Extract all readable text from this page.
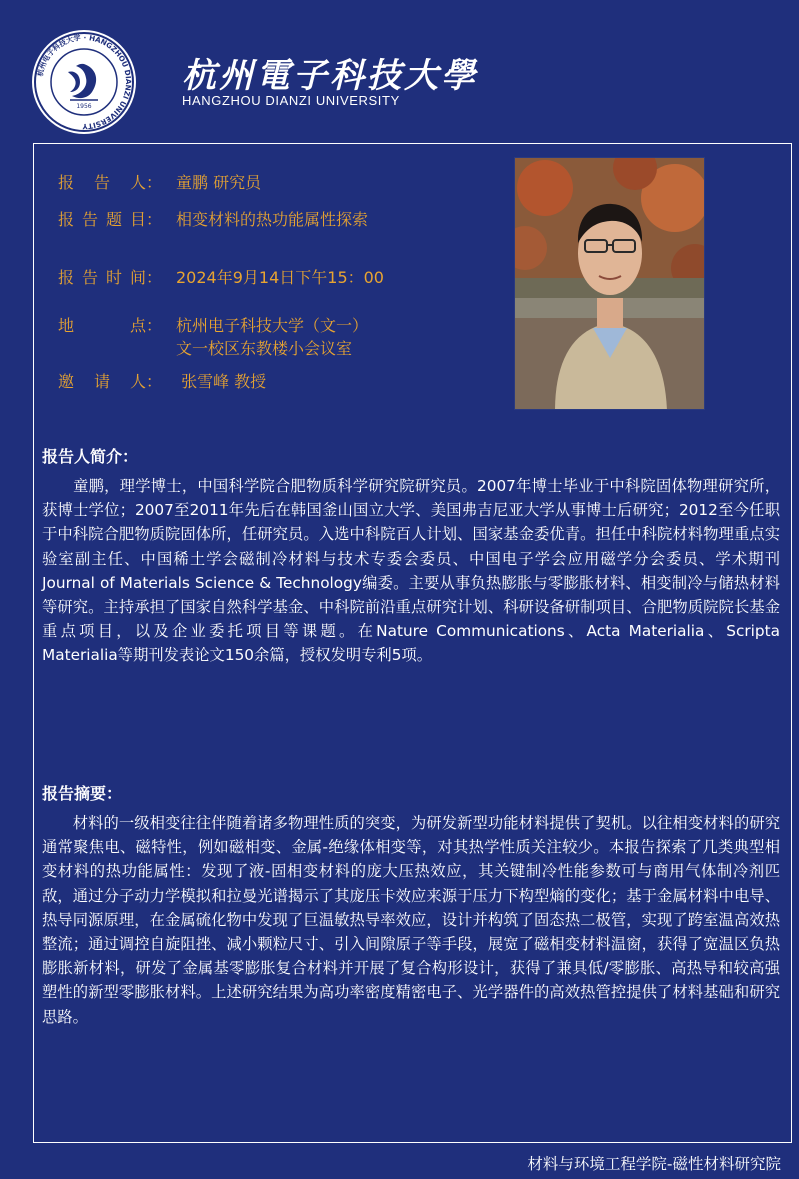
1956
杭州电子科技大学 · HANGZHOU DIANZI UNIVERSITY
杭州電子科技大學
HANGZHOU DIANZI UNIVERSITY
报 告 人： 童鹏 研究员
报 告 题 目： 相变材料的热功能属性探索
报 告 时 间： 2024年9月14日下午15：00
地	点： 杭州电子科技大学（文一）
文一校区东教楼小会议室
邀 请 人： 张雪峰 教授
报告人简介：
　　童鹏，理学博士，中国科学院合肥物质科学研究院研究员。2007年博士毕业于中科院固体物理研究所，获博士学位；2007至2011年先后在韩国釜山国立大学、美国弗吉尼亚大学从事博士后研究；2012至今任职于中科院合肥物质院固体所，任研究员。入选中科院百人计划、国家基金委优青。担任中科院材料物理重点实验室副主任、中国稀土学会磁制冷材料与技术专委会委员、中国电子学会应用磁学分会委员、学术期刊Journal of Materials Science & Technology编委。主要从事负热膨胀与零膨胀材料、相变制冷与储热材料等研究。主持承担了国家自然科学基金、中科院前沿重点研究计划、科研设备研制项目、合肥物质院院长基金重点项目，以及企业委托项目等课题。在Nature Communications、Acta Materialia、Scripta Materialia等期刊发表论文150余篇，授权发明专利5项。
报告摘要：
　　材料的一级相变往往伴随着诸多物理性质的突变，为研发新型功能材料提供了契机。以往相变材料的研究通常聚焦电、磁特性，例如磁相变、金属-绝缘体相变等，对其热学性质关注较少。本报告探索了几类典型相变材料的热功能属性：发现了液-固相变材料的庞大压热效应，其关键制冷性能参数可与商用气体制冷剂匹敌，通过分子动力学模拟和拉曼光谱揭示了其庞压卡效应来源于压力下构型熵的变化；基于金属材料中电导、热导同源原理，在金属硫化物中发现了巨温敏热导率效应，设计并构筑了固态热二极管，实现了跨室温高效热整流；通过调控自旋阻挫、减小颗粒尺寸、引入间隙原子等手段，展宽了磁相变材料温窗，获得了宽温区负热膨胀新材料，研发了金属基零膨胀复合材料并开展了复合构形设计，获得了兼具低/零膨胀、高热导和较高强塑性的新型零膨胀材料。上述研究结果为高功率密度精密电子、光学器件的高效热管控提供了材料基础和研究思路。
材料与环境工程学院-磁性材料研究院
